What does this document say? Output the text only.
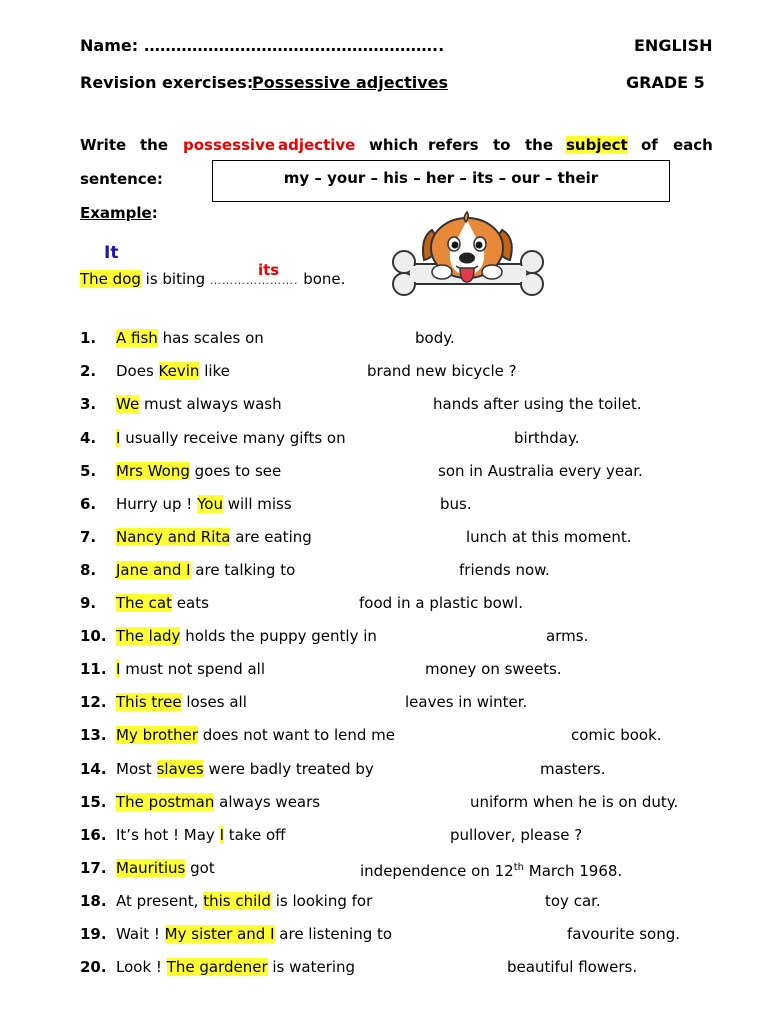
Name: ………………………………………………..	ENGLISH
Revision exercises:
Possessive adjectives	GRADE 5
Write the possessive adjective which refers to the subject of each
sentence:	my – your – his – her – its – our – their
Example:
It
The dog is biting …………………. bone.
its
1. A fish has scales on	body.
2. Does Kevin like	brand new bicycle ?
3. We must always wash	hands after using the toilet.
4. I usually receive many gifts on	birthday.
5. Mrs Wong goes to see	son in Australia every year.
6. Hurry up ! You will miss	bus.
7. Nancy and Rita are eating	lunch at this moment.
8. Jane and I are talking to	friends now.
9. The cat eats	food in a plastic bowl.
10. The lady holds the puppy gently in	arms.
11. I must not spend all	money on sweets.
12. This tree loses all	leaves in winter.
13. My brother does not want to lend me	comic book.
14. Most slaves were badly treated by	masters.
15. The postman always wears	uniform when he is on duty.
16. It’s hot ! May I take off	pullover, please ?
17. Mauritius got	independence on 12th March 1968.
18. At present, this child is looking for	toy car.
19. Wait ! My sister and I are listening to	favourite song.
20. Look ! The gardener is watering	beautiful flowers.
